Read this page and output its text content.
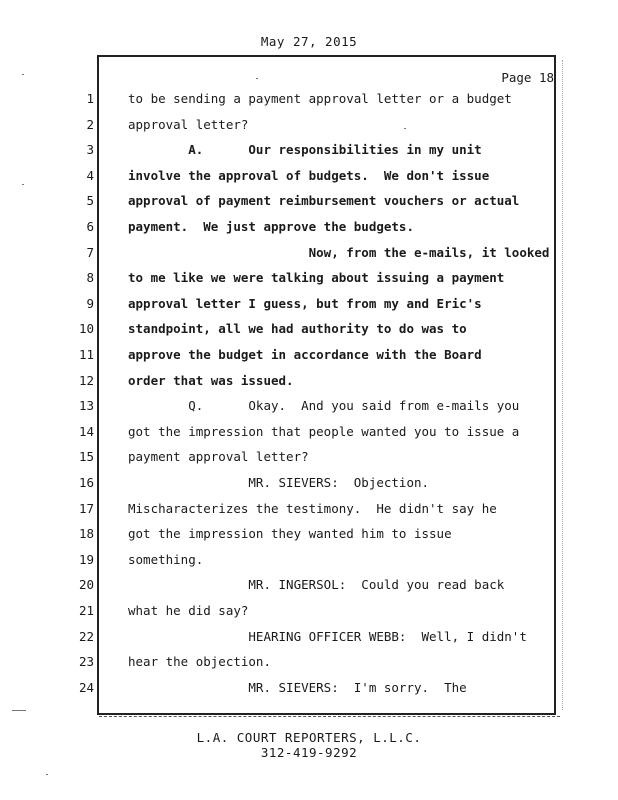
May 27, 2015
Page 18
1	to be sending a payment approval letter or a budget
2	approval letter?
3	A.      Our responsibilities in my unit
4	involve the approval of budgets.  We don't issue
5	approval of payment reimbursement vouchers or actual
6	payment.  We just approve the budgets.
7	Now, from the e-mails, it looked
8	to me like we were talking about issuing a payment
9	approval letter I guess, but from my and Eric's
10	standpoint, all we had authority to do was to
11	approve the budget in accordance with the Board
12	order that was issued.
13	Q.      Okay.  And you said from e-mails you
14	got the impression that people wanted you to issue a
15	payment approval letter?
16	MR. SIEVERS:  Objection.
17	Mischaracterizes the testimony.  He didn't say he
18	got the impression they wanted him to issue
19	something.
20	MR. INGERSOL:  Could you read back
21	what he did say?
22	HEARING OFFICER WEBB:  Well, I didn't
23	hear the objection.
24	MR. SIEVERS:  I'm sorry.  The
L.A. COURT REPORTERS, L.L.C.
312-419-9292
